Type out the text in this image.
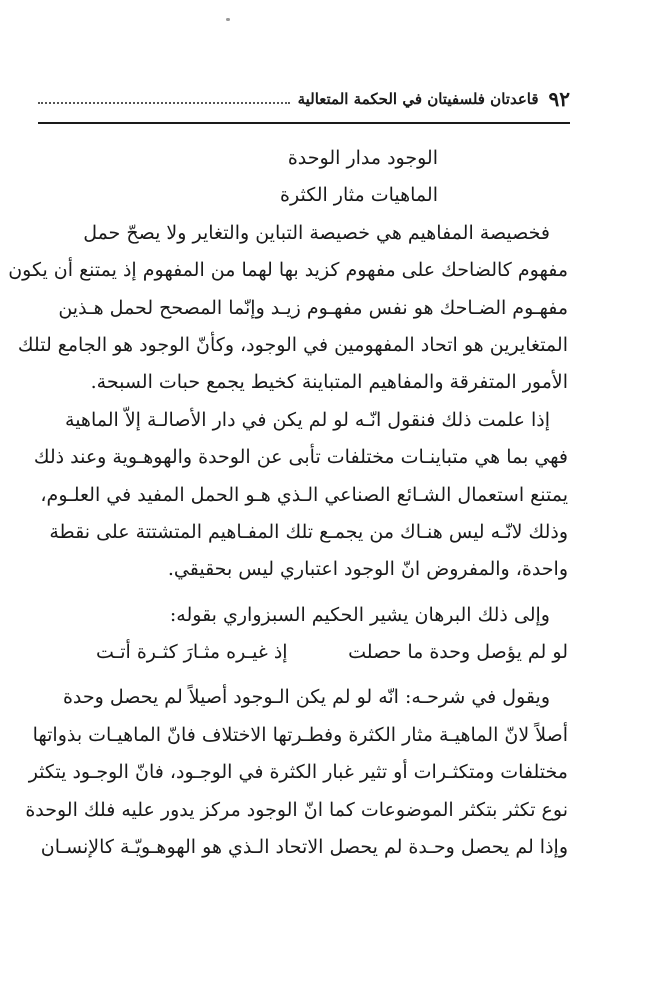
٩٢
قاعدتان فلسفيتان في الحكمة المتعالية
الوجود مدار الوحدة
الماهيات مثار الكثرة
فخصيصة المفاهيم هي خصيصة التباين والتغاير ولا يصحّ حمل
مفهوم كالضاحك على مفهوم كزيد بها لهما من المفهوم إذ يمتنع أن يكون
مفهـوم الضـاحك هو نفس مفهـوم زيـد وإنّما المصحح لحمل هـذين
المتغايرين هو اتحاد المفهومين في الوجود، وكأنّ الوجود هو الجامع لتلك
الأمور المتفرقة والمفاهيم المتباينة كخيط يجمع حبات السبحة.
إذا علمت ذلك فنقول انّـه لو لم يكن في دار الأصالـة إلاّ الماهية
فهي بما هي متباينـات مختلفات تأبى عن الوحدة والهوهـوية وعند ذلك
يمتنع استعمال الشـائع الصناعي الـذي هـو الحمل المفيد في العلـوم،
وذلك لانّـه ليس هنـاك من يجمـع تلك المفـاهيم المتشتتة على نقطة
واحدة، والمفروض انّ الوجود اعتباري ليس بحقيقي.
وإلى ذلك البرهان يشير الحكيم السبزواري بقوله:
لو لم يؤصل وحدة ما حصلت
إذ غيـره مثـارَ كثـرة أتـت
ويقول في شرحـه: انّه لو لم يكن الـوجود أصيلاً لم يحصل وحدة
أصلاً لانّ الماهيـة مثار الكثرة وفطـرتها الاختلاف فانّ الماهيـات بذواتها
مختلفات ومتكثـرات أو تثير غبار الكثرة في الوجـود، فانّ الوجـود يتكثر
نوع تكثر بتكثر الموضوعات كما انّ الوجود مركز يدور عليه فلك الوحدة
وإذا لم يحصل وحـدة لم يحصل الاتحاد الـذي هو الهوهـويّـة كالإنسـان
